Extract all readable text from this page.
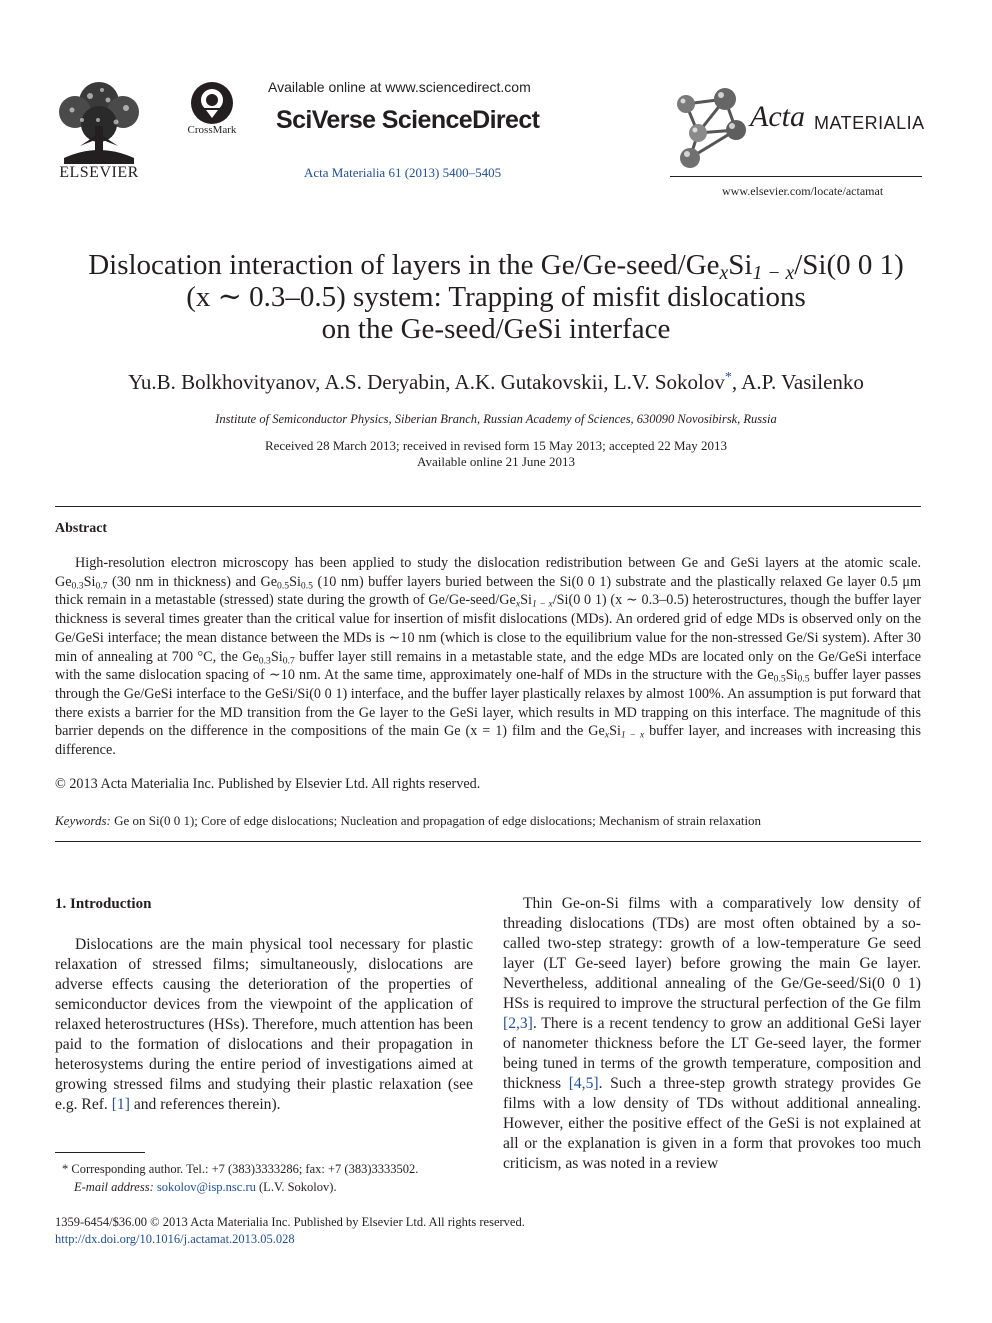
ELSEVIER
CrossMark
Available online at www.sciencedirect.com
SciVerse ScienceDirect
Acta Materialia 61 (2013) 5400–5405
Acta MATERIALIA
www.elsevier.com/locate/actamat
Dislocation interaction of layers in the $Ge/Ge-seed/Ge_xSi_{1 - x}/Si(0$ 0 1)
(x ∼ 0.3–0.5) system: Trapping of misfit dislocations
on the Ge-seed/GeSi interface
Yu.B. Bolkhovityanov, A.S. Deryabin, A.K. Gutakovskii, L.V. Sokolov*, A.P. Vasilenko
Institute of Semiconductor Physics, Siberian Branch, Russian Academy of Sciences, 630090 Novosibirsk, Russia
Received 28 March 2013; received in revised form 15 May 2013; accepted 22 May 2013
Available online 21 June 2013
Abstract
High-resolution electron microscopy has been applied to study the dislocation redistribution between Ge and GeSi layers at the atomic scale. $Ge_{0.3}Si_{0.7}$ (30 nm in thickness) and $Ge_{0.5}Si_{0.5}$ (10 nm) buffer layers buried between the Si(0 0 1) substrate and the plastically relaxed Ge layer 0.5 μm thick remain in a metastable (stressed) state during the growth of $Ge/Ge-seed/Ge_xSi_{1 - x}/Si(0$ 0 1) (x ∼ 0.3–0.5) heterostructures, though the buffer layer thickness is several times greater than the critical value for insertion of misfit dislocations (MDs). An ordered grid of edge MDs is observed only on the Ge/GeSi interface; the mean distance between the MDs is ∼10 nm (which is close to the equilibrium value for the non-stressed Ge/Si system). After 30 min of annealing at 700 °C, the $Ge_{0.3}Si_{0.7}$ buffer layer still remains in a metastable state, and the edge MDs are located only on the Ge/GeSi interface with the same dislocation spacing of ∼10 nm. At the same time, approximately one-half of MDs in the structure with the $Ge_{0.5}Si_{0.5}$ buffer layer passes through the Ge/GeSi interface to the GeSi/Si(0 0 1) interface, and the buffer layer plastically relaxes by almost 100%. An assumption is put forward that there exists a barrier for the MD transition from the Ge layer to the GeSi layer, which results in MD trapping on this interface. The magnitude of this barrier depends on the difference in the compositions of the main Ge (x = 1) film and the $Ge_xSi_{1 - x}$ buffer layer, and increases with increasing this difference.
© 2013 Acta Materialia Inc. Published by Elsevier Ltd. All rights reserved.
Keywords: Ge on Si(0 0 1); Core of edge dislocations; Nucleation and propagation of edge dislocations; Mechanism of strain relaxation
1. Introduction
Dislocations are the main physical tool necessary for plastic relaxation of stressed films; simultaneously, dislocations are adverse effects causing the deterioration of the properties of semiconductor devices from the viewpoint of the application of relaxed heterostructures (HSs). Therefore, much attention has been paid to the formation of dislocations and their propagation in heterosystems during the entire period of investigations aimed at growing stressed films and studying their plastic relaxation (see e.g. Ref. [1] and references therein).
Thin Ge-on-Si films with a comparatively low density of threading dislocations (TDs) are most often obtained by a so-called two-step strategy: growth of a low-temperature Ge seed layer (LT Ge-seed layer) before growing the main Ge layer. Nevertheless, additional annealing of the Ge/Ge-seed/Si(0 0 1) HSs is required to improve the structural perfection of the Ge film [2,3]. There is a recent tendency to grow an additional GeSi layer of nanometer thickness before the LT Ge-seed layer, the former being tuned in terms of the growth temperature, composition and thickness [4,5]. Such a three-step growth strategy provides Ge films with a low density of TDs without additional annealing. However, either the positive effect of the GeSi is not explained at all or the explanation is given in a form that provokes too much criticism, as was noted in a review
* Corresponding author. Tel.: +7 (383)3333286; fax: +7 (383)3333502.
E-mail address: sokolov@isp.nsc.ru (L.V. Sokolov).
1359-6454/$36.00 © 2013 Acta Materialia Inc. Published by Elsevier Ltd. All rights reserved.
http://dx.doi.org/10.1016/j.actamat.2013.05.028
